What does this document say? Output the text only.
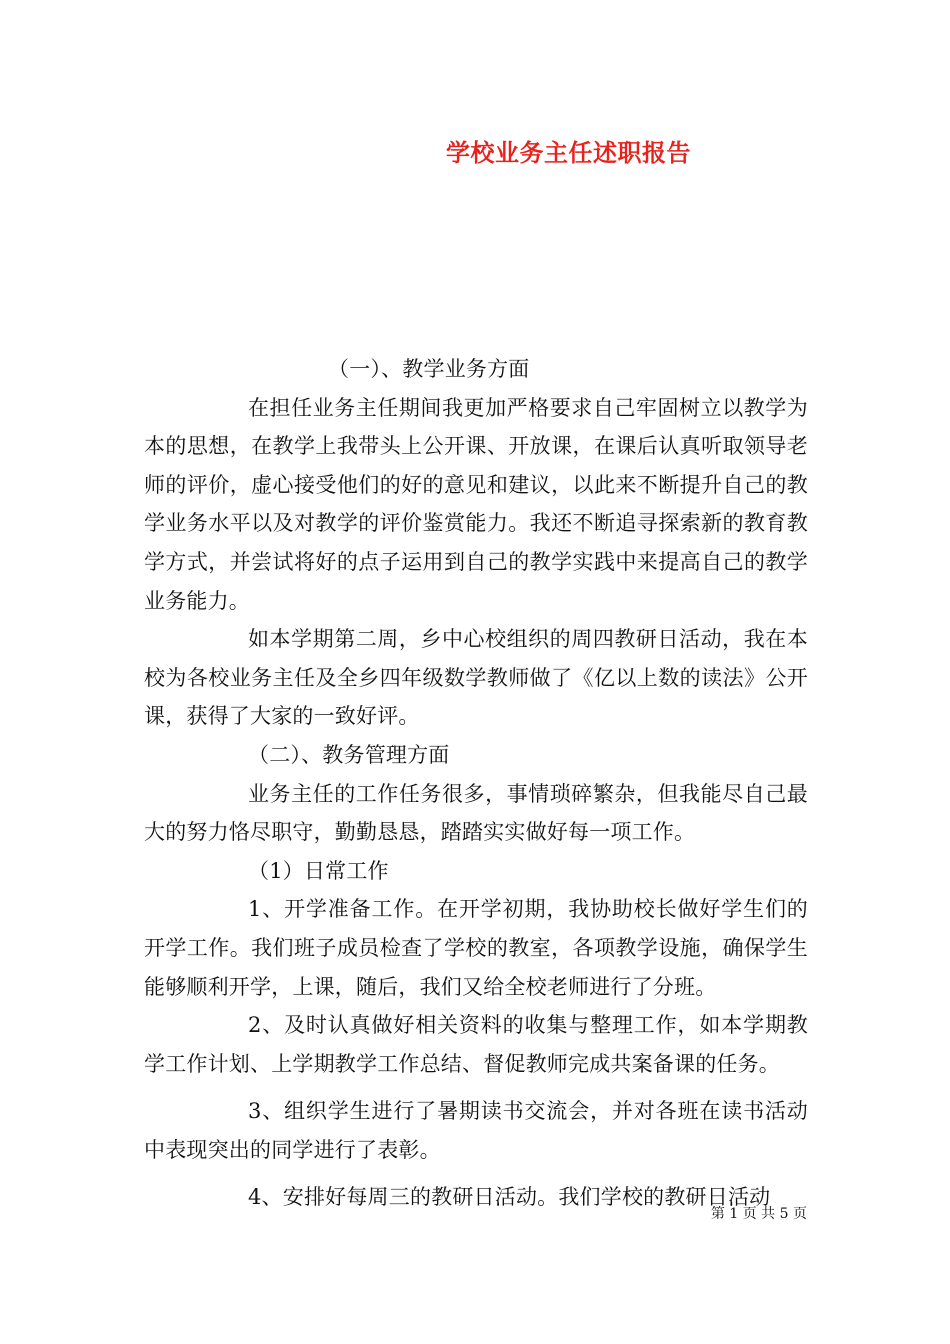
学校业务主任述职报告

（一）、教学业务方面

在担任业务主任期间我更加严格要求自己牢固树立以教学为本的思想，在教学上我带头上公开课、开放课，在课后认真听取领导老师的评价，虚心接受他们的好的意见和建议，以此来不断提升自己的教学业务水平以及对教学的评价鉴赏能力。我还不断追寻探索新的教育教学方式，并尝试将好的点子运用到自己的教学实践中来提高自己的教学业务能力。

如本学期第二周，乡中心校组织的周四教研日活动，我在本校为各校业务主任及全乡四年级数学教师做了《亿以上数的读法》公开课，获得了大家的一致好评。

（二）、教务管理方面

业务主任的工作任务很多，事情琐碎繁杂，但我能尽自己最大的努力恪尽职守，勤勤恳恳，踏踏实实做好每一项工作。

（1）日常工作

1、开学准备工作。在开学初期，我协助校长做好学生们的开学工作。我们班子成员检查了学校的教室，各项教学设施，确保学生能够顺利开学，上课，随后，我们又给全校老师进行了分班。

2、及时认真做好相关资料的收集与整理工作，如本学期教学工作计划、上学期教学工作总结、督促教师完成共案备课的任务。

3、组织学生进行了暑期读书交流会，并对各班在读书活动中表现突出的同学进行了表彰。

4、安排好每周三的教研日活动。我们学校的教研日活动

第 1 页 共 5 页
